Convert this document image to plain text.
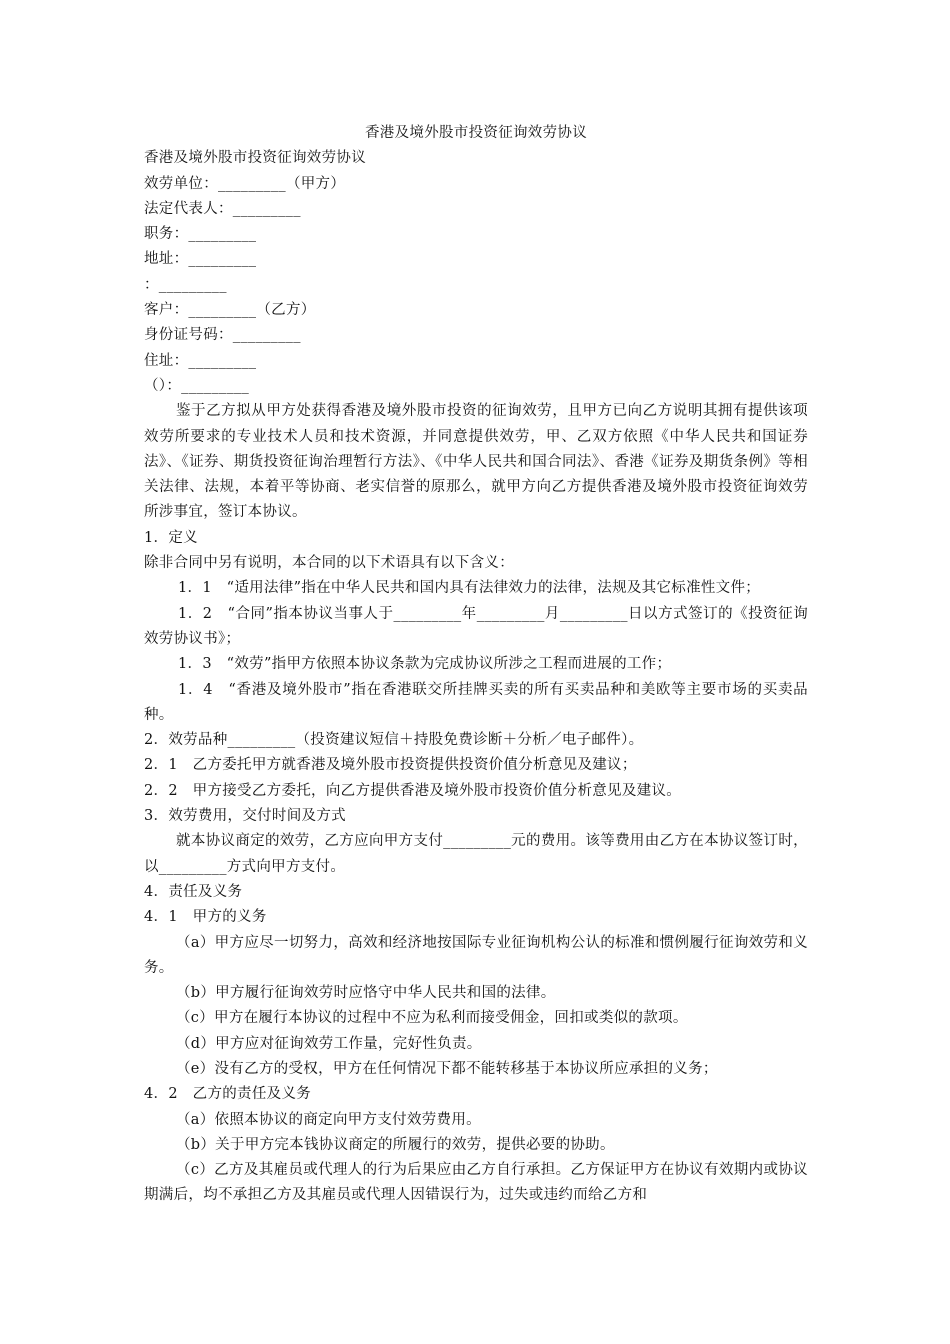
香港及境外股市投资征询效劳协议

香港及境外股市投资征询效劳协议

效劳单位：_________（甲方）

法定代表人：_________

职务：_________

地址：_________

：_________

客户：_________（乙方）

身份证号码：_________

住址：_________

（）：_________

鉴于乙方拟从甲方处获得香港及境外股市投资的征询效劳，且甲方已向乙方说明其拥有提供该项效劳所要求的专业技术人员和技术资源，并同意提供效劳，甲、乙双方依照《中华人民共和国证券法》、《证券、期货投资征询治理暂行方法》、《中华人民共和国合同法》、香港《证券及期货条例》等相关法律、法规，本着平等协商、老实信誉的原那么，就甲方向乙方提供香港及境外股市投资征询效劳所涉事宜，签订本协议。

1．定义

除非合同中另有说明，本合同的以下术语具有以下含义：

1．1　“适用法律”指在中华人民共和国内具有法律效力的法律，法规及其它标准性文件；

1．2　“合同”指本协议当事人于_________年_________月_________日以方式签订的《投资征询效劳协议书》；

1．3　“效劳”指甲方依照本协议条款为完成协议所涉之工程而进展的工作；

1．4　“香港及境外股市”指在香港联交所挂牌买卖的所有买卖品种和美欧等主要市场的买卖品种。

2．效劳品种_________（投资建议短信＋持股免费诊断＋分析／电子邮件）。

2．1　乙方委托甲方就香港及境外股市投资提供投资价值分析意见及建议；

2．2　甲方接受乙方委托，向乙方提供香港及境外股市投资价值分析意见及建议。

3．效劳费用，交付时间及方式

就本协议商定的效劳，乙方应向甲方支付_________元的费用。该等费用由乙方在本协议签订时，以_________方式向甲方支付。

4．责任及义务

4．1　甲方的义务

（a）甲方应尽一切努力，高效和经济地按国际专业征询机构公认的标准和惯例履行征询效劳和义务。

（b）甲方履行征询效劳时应恪守中华人民共和国的法律。

（c）甲方在履行本协议的过程中不应为私利而接受佣金，回扣或类似的款项。

（d）甲方应对征询效劳工作量，完好性负责。

（e）没有乙方的受权，甲方在任何情况下都不能转移基于本协议所应承担的义务；

4．2　乙方的责任及义务

（a）依照本协议的商定向甲方支付效劳费用。

（b）关于甲方完本钱协议商定的所履行的效劳，提供必要的协助。

（c）乙方及其雇员或代理人的行为后果应由乙方自行承担。乙方保证甲方在协议有效期内或协议期满后，均不承担乙方及其雇员或代理人因错误行为，过失或违约而给乙方和
